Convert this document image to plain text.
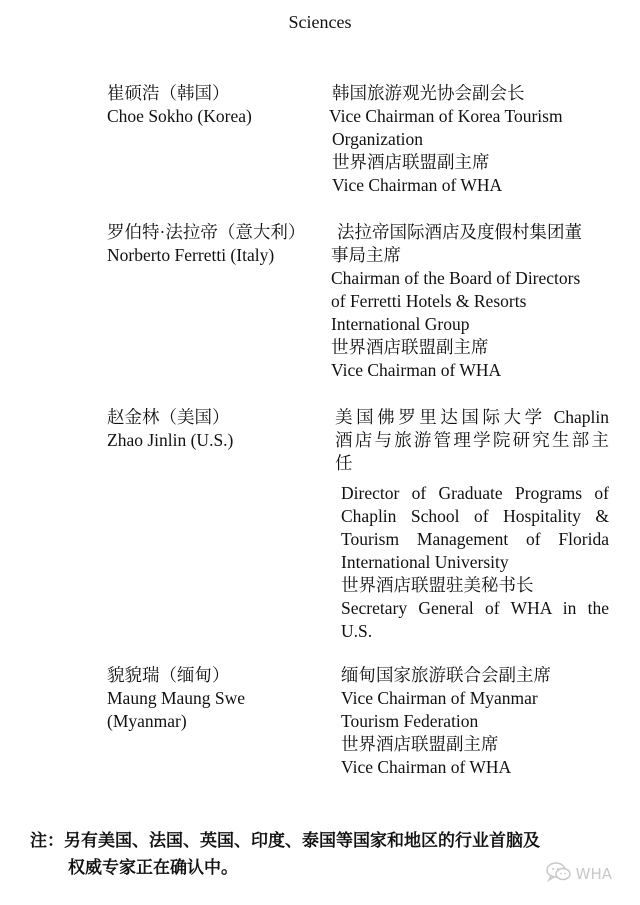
Sciences
崔硕浩（韩国）
Choe Sokho (Korea)
韩国旅游观光协会副会长
Vice Chairman of Korea Tourism
Organization
世界酒店联盟副主席
Vice Chairman of WHA
罗伯特·法拉帝（意大利）
Norberto Ferretti (Italy)
法拉帝国际酒店及度假村集团董
事局主席
Chairman of the Board of Directors
of Ferretti Hotels & Resorts
International Group
世界酒店联盟副主席
Vice Chairman of WHA
赵金林（美国）
Zhao Jinlin (U.S.)
美国佛罗里达国际大学 Chaplin
酒店与旅游管理学院研究生部主
任
Director of Graduate Programs of
Chaplin School of Hospitality &
Tourism Management of Florida
International University
世界酒店联盟驻美秘书长
Secretary General of WHA in the
U.S.
貌貌瑞（缅甸）
Maung Maung Swe
(Myanmar)
缅甸国家旅游联合会副主席
Vice Chairman of Myanmar
Tourism Federation
世界酒店联盟副主席
Vice Chairman of WHA
注：另有美国、法国、英国、印度、泰国等国家和地区的行业首脑及
权威专家正在确认中。	WHA
